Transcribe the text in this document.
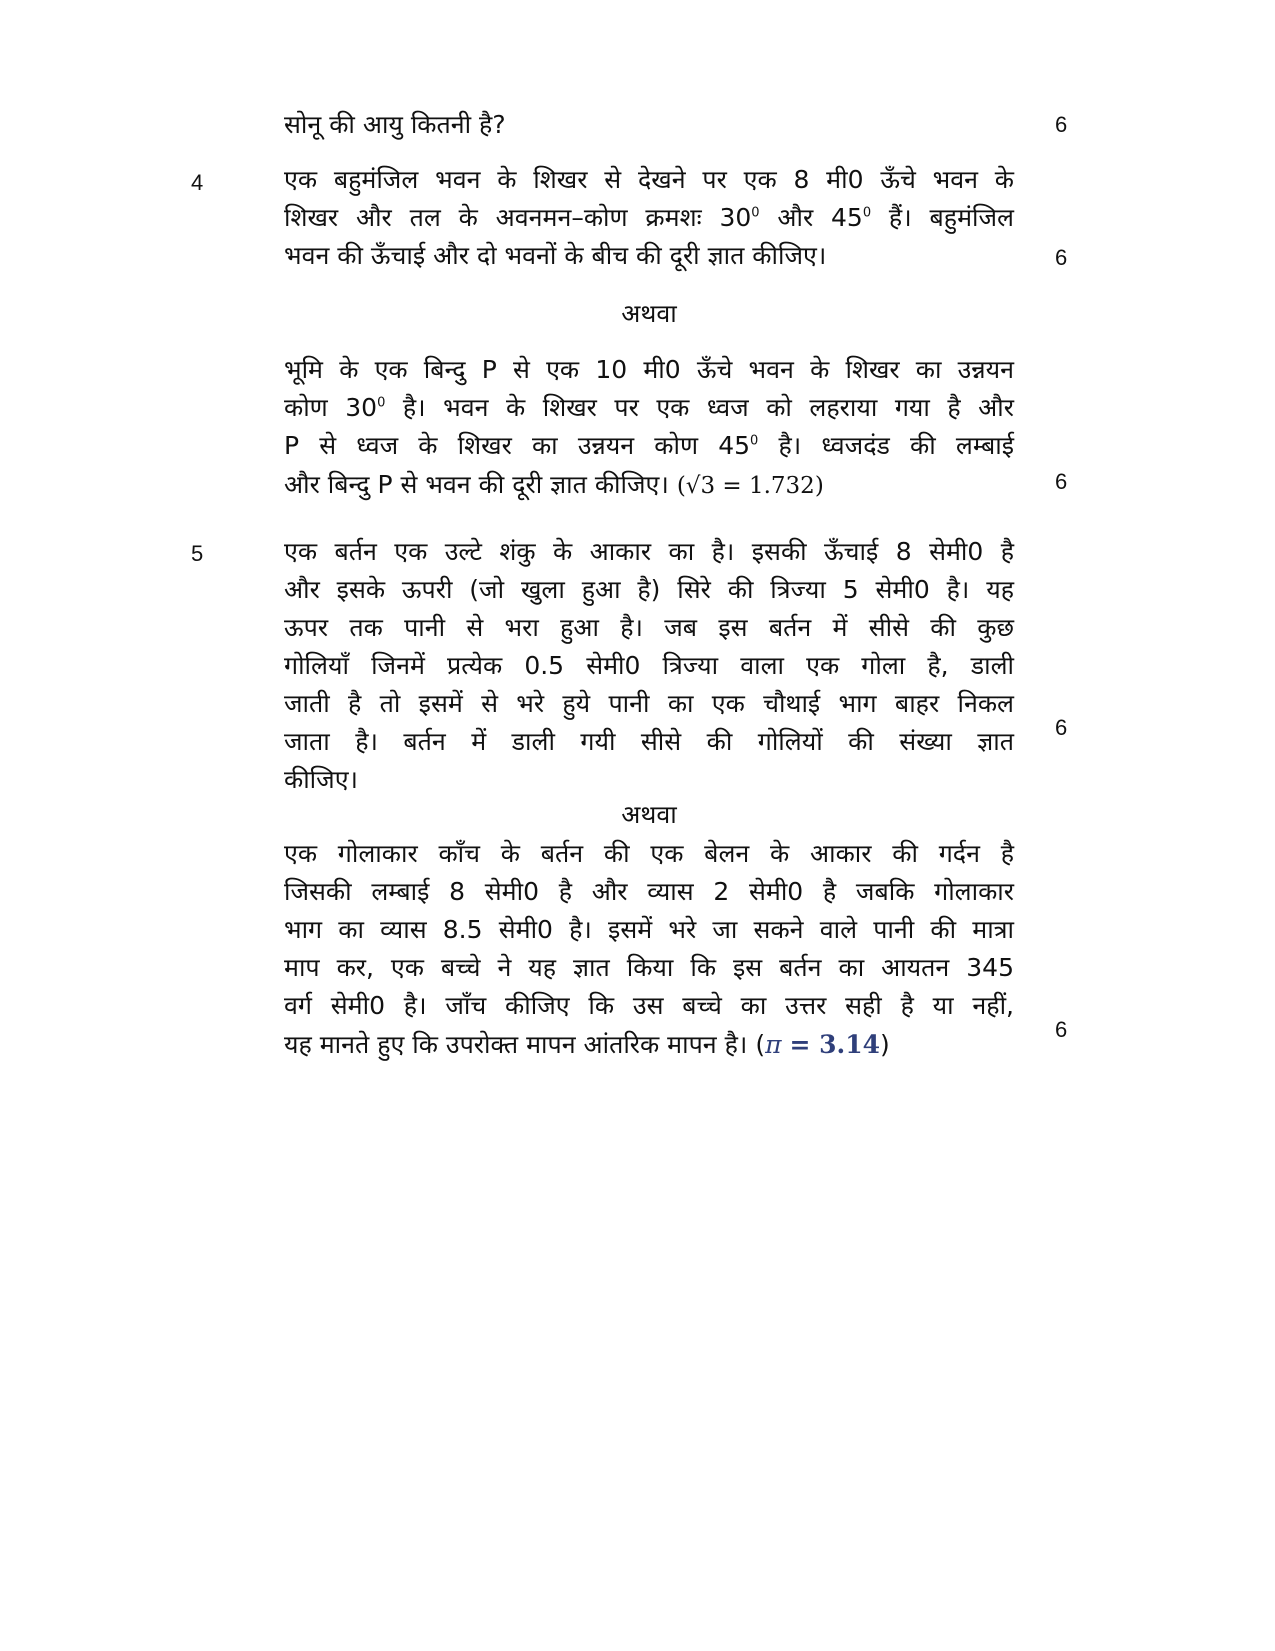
सोनू की आयु कितनी है?	6
4	एक बहुमंजिल भवन के शिखर से देखने पर एक 8 मी0 ऊँचे भवन के
शिखर और तल के अवनमन–कोण क्रमशः $30^0$ और $45^0$ हैं। बहुमंजिल
भवन की ऊँचाई और दो भवनों के बीच की दूरी ज्ञात कीजिए।	6
अथवा
भूमि के एक बिन्दु P से एक 10 मी0 ऊँचे भवन के शिखर का उन्नयन
कोण $30^0$ है। भवन के शिखर पर एक ध्वज को लहराया गया है और
P से ध्वज के शिखर का उन्नयन कोण $45^0$ है। ध्वजदंड की लम्बाई
और बिन्दु P से भवन की दूरी ज्ञात कीजिए। (√3 = 1.732)	6
5	एक बर्तन एक उल्टे शंकु के आकार का है। इसकी ऊँचाई 8 सेमी0 है
और इसके ऊपरी (जो खुला हुआ है) सिरे की त्रिज्या 5 सेमी0 है। यह
ऊपर तक पानी से भरा हुआ है। जब इस बर्तन में सीसे की कुछ
गोलियाँ जिनमें प्रत्येक 0.5 सेमी0 त्रिज्या वाला एक गोला है, डाली
जाती है तो इसमें से भरे हुये पानी का एक चौथाई भाग बाहर निकल
जाता है। बर्तन में डाली गयी सीसे की गोलियों की संख्या ज्ञात
कीजिए।
6
अथवा
एक गोलाकार काँच के बर्तन की एक बेलन के आकार की गर्दन है
जिसकी लम्बाई 8 सेमी0 है और व्यास 2 सेमी0 है जबकि गोलाकार
भाग का व्यास 8.5 सेमी0 है। इसमें भरे जा सकने वाले पानी की मात्रा
माप कर, एक बच्चे ने यह ज्ञात किया कि इस बर्तन का आयतन 345
वर्ग सेमी0 है। जाँच कीजिए कि उस बच्चे का उत्तर सही है या नहीं,
यह मानते हुए कि उपरोक्त मापन आंतरिक मापन है। (π = 3.14)
6
